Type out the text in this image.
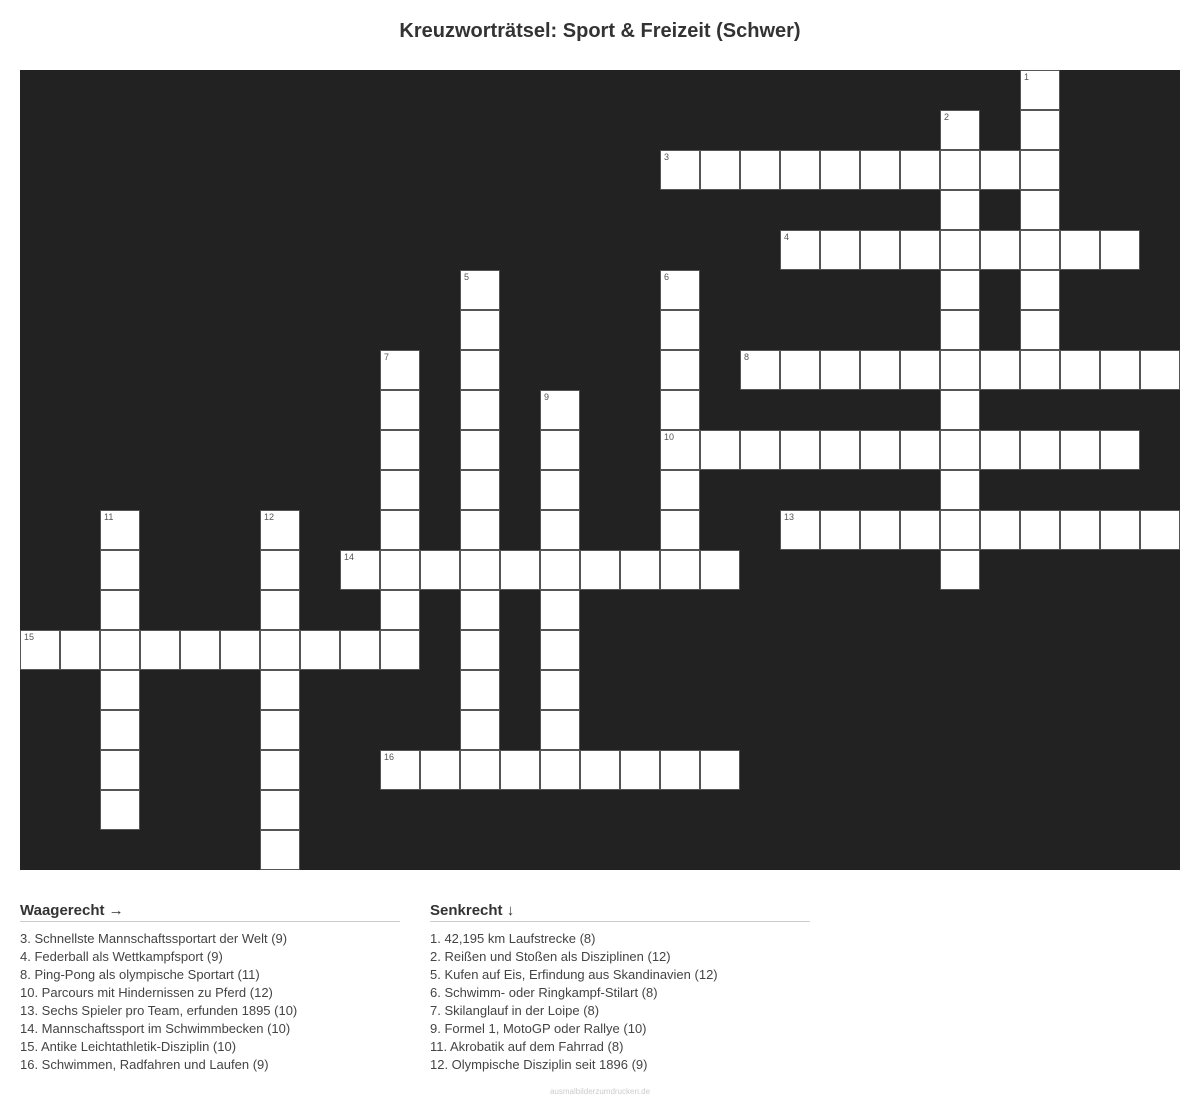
Kreuzworträtsel: Sport & Freizeit (Schwer)
1
2
3
4
5	6
10
7	8
9
11	12	13
14
15
16
Waagerecht →
3. Schnellste Mannschaftssportart der Welt (9)
4. Federball als Wettkampfsport (9)
8. Ping-Pong als olympische Sportart (11)
10. Parcours mit Hindernissen zu Pferd (12)
13. Sechs Spieler pro Team, erfunden 1895 (10)
14. Mannschaftssport im Schwimmbecken (10)
15. Antike Leichtathletik-Disziplin (10)
16. Schwimmen, Radfahren und Laufen (9)
Senkrecht ↓
1. 42,195 km Laufstrecke (8)
2. Reißen und Stoßen als Disziplinen (12)
5. Kufen auf Eis, Erfindung aus Skandinavien (12)
6. Schwimm- oder Ringkampf-Stilart (8)
7. Skilanglauf in der Loipe (8)
9. Formel 1, MotoGP oder Rallye (10)
11. Akrobatik auf dem Fahrrad (8)
12. Olympische Disziplin seit 1896 (9)
ausmalbilderzumdrucken.de
